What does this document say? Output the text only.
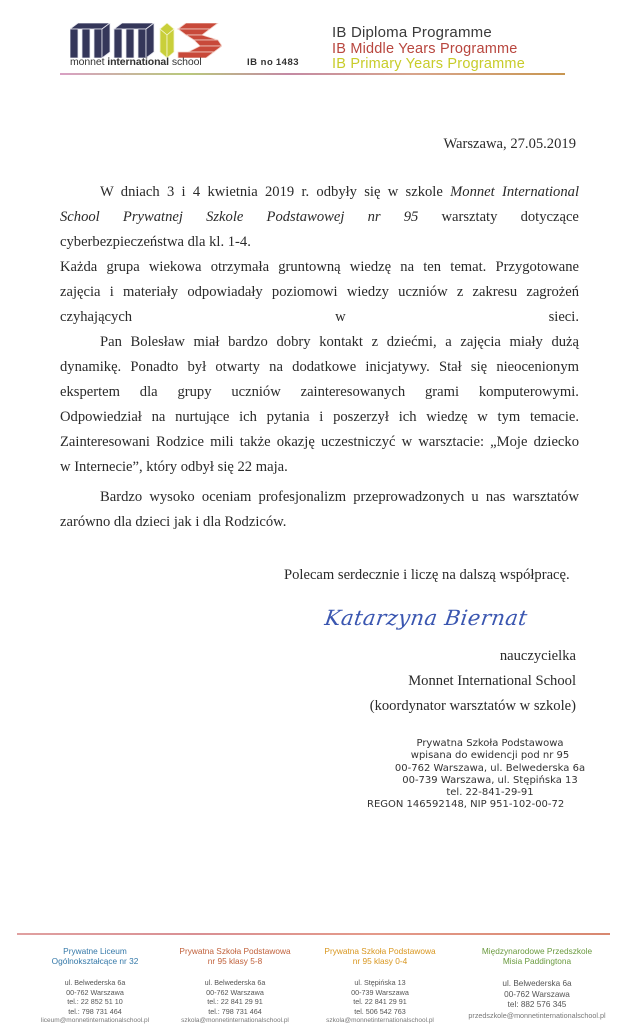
monnet international school	IB no 1483
IB Diploma Programme
IB Middle Years Programme
IB Primary Years Programme
Warszawa, 27.05.2019
W dniach 3 i 4 kwietnia 2019 r. odbyły się w szkole Monnet International
School Prywatnej Szkole Podstawowej nr 95 warsztaty dotyczące
cyberbezpieczeństwa dla kl. 1-4.
Każda grupa wiekowa otrzymała gruntowną wiedzę na ten temat. Przygotowane
zajęcia i materiały odpowiadały poziomowi wiedzy uczniów z zakresu zagrożeń
czyhających	w	sieci.
Pan Bolesław miał bardzo dobry kontakt z dziećmi, a zajęcia miały dużą
dynamikę. Ponadto był otwarty na dodatkowe inicjatywy. Stał się nieocenionym
ekspertem dla grupy uczniów zainteresowanych grami komputerowymi.
Odpowiedział na nurtujące ich pytania i poszerzył ich wiedzę w tym temacie.
Zainteresowani Rodzice mili także okazję uczestniczyć w warsztacie: „Moje dziecko
w Internecie”, który odbył się 22 maja.
Bardzo wysoko oceniam profesjonalizm przeprowadzonych u nas warsztatów
zarówno dla dzieci jak i dla Rodziców.
Polecam serdecznie i liczę na dalszą współpracę.
Katarzyna Biernat
nauczycielka
Monnet International School
(koordynator warsztatów w szkole)
Prywatna Szkoła Podstawowa
wpisana do ewidencji pod nr 95
00-762 Warszawa, ul. Belwederska 6a
00-739 Warszawa, ul. Stępińska 13
tel. 22-841-29-91
REGON 146592148, NIP 951-102-00-72
Prywatne Liceum
Ogólnokształcące nr 32
ul. Belwederska 6a
00-762 Warszawa
tel.: 22 852 51 10
tel.: 798 731 464
liceum@monnetinternationalschool.pl
Prywatna Szkoła Podstawowa
nr 95 klasy 5-8
ul. Belwederska 6a
00-762 Warszawa
tel.: 22 841 29 91
tel.: 798 731 464
szkola@monnetinternationalschool.pl
Prywatna Szkoła Podstawowa
nr 95 klasy 0-4
ul. Stępińska 13
00-739 Warszawa
tel. 22 841 29 91
tel. 506 542 763
szkola@monnetinternationalschool.pl
Międzynarodowe Przedszkole
Misia Paddingtona
ul. Belwederska 6a
00-762 Warszawa
tel: 882 576 345
przedszkole@monnetinternationalschool.pl
